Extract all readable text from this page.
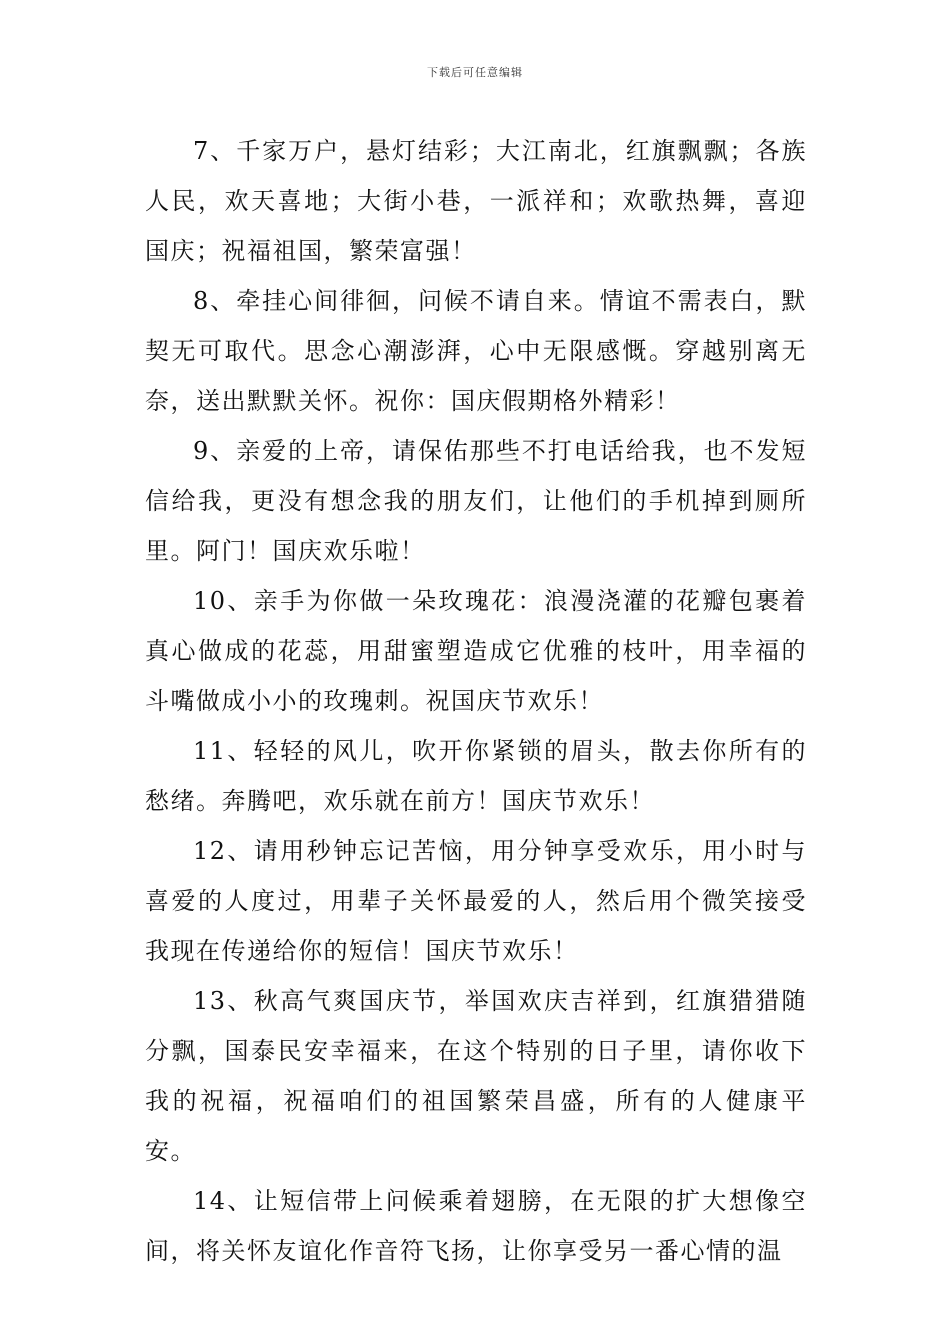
下载后可任意编辑

7、千家万户，悬灯结彩；大江南北，红旗飘飘；各族人民，欢天喜地；大街小巷，一派祥和；欢歌热舞，喜迎国庆；祝福祖国，繁荣富强！

8、牵挂心间徘徊，问候不请自来。情谊不需表白，默契无可取代。思念心潮澎湃，心中无限感慨。穿越别离无奈，送出默默关怀。祝你：国庆假期格外精彩！

9、亲爱的上帝，请保佑那些不打电话给我，也不发短信给我，更没有想念我的朋友们，让他们的手机掉到厕所里。阿门！国庆欢乐啦！

10、亲手为你做一朵玫瑰花：浪漫浇灌的花瓣包裹着真心做成的花蕊，用甜蜜塑造成它优雅的枝叶，用幸福的斗嘴做成小小的玫瑰刺。祝国庆节欢乐！

11、轻轻的风儿，吹开你紧锁的眉头，散去你所有的愁绪。奔腾吧，欢乐就在前方！国庆节欢乐！

12、请用秒钟忘记苦恼，用分钟享受欢乐，用小时与喜爱的人度过，用辈子关怀最爱的人，然后用个微笑接受我现在传递给你的短信！国庆节欢乐！

13、秋高气爽国庆节，举国欢庆吉祥到，红旗猎猎随分飘，国泰民安幸福来，在这个特别的日子里，请你收下我的祝福，祝福咱们的祖国繁荣昌盛，所有的人健康平安。

14、让短信带上问候乘着翅膀，在无限的扩大想像空间，将关怀友谊化作音符飞扬，让你享受另一番心情的温
